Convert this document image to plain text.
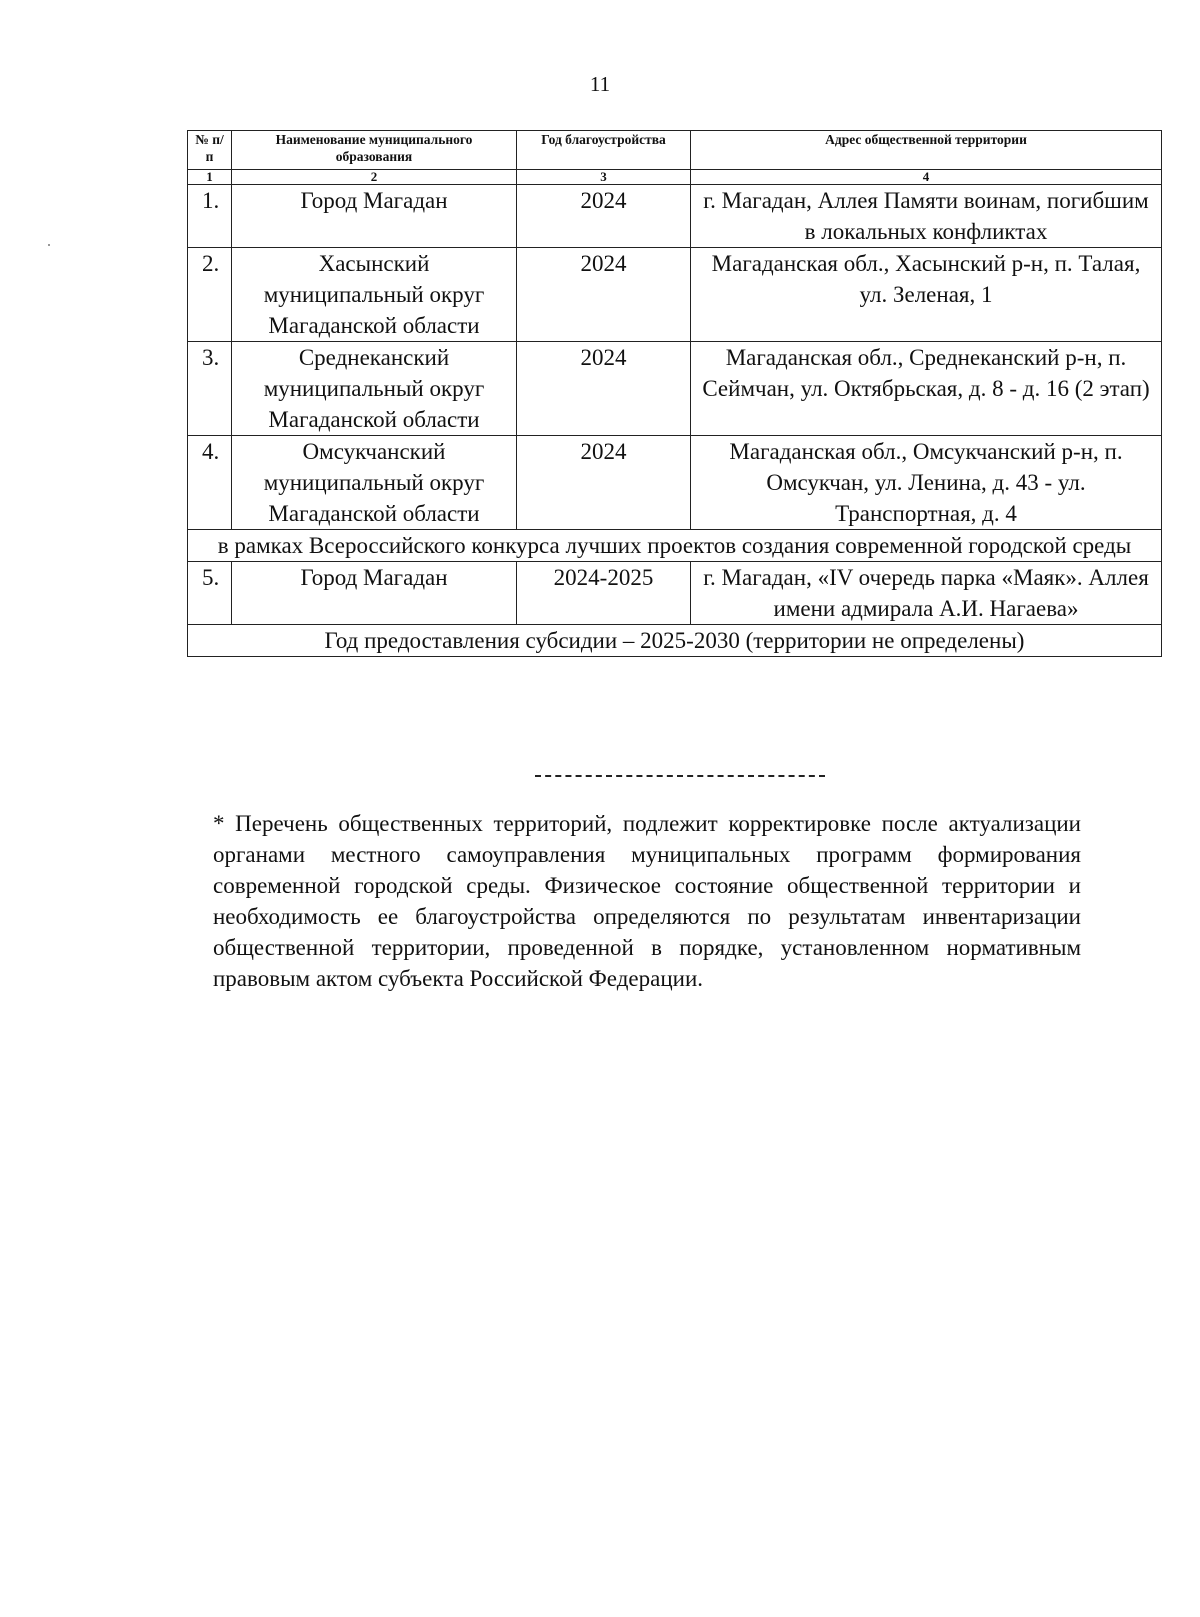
11
№ п/п	Наименование муниципального образования	Год благоустройства	Адрес общественной территории
1	2	3	4
1.	Город Магадан	2024	г. Магадан, Аллея Памяти воинам, погибшим в локальных конфликтах
2.	Хасынский муниципальный округ Магаданской области	2024	Магаданская обл., Хасынский р-н, п. Талая, ул. Зеленая, 1
3.	Среднеканский муниципальный округ Магаданской области	2024	Магаданская обл., Среднеканский р-н, п. Сеймчан, ул. Октябрьская, д. 8 - д. 16 (2 этап)
4.	Омсукчанский муниципальный округ Магаданской области	2024	Магаданская обл., Омсукчанский р-н, п. Омсукчан, ул. Ленина, д. 43 - ул. Транспортная, д. 4
в рамках Всероссийского конкурса лучших проектов создания современной городской среды			
5.	Город Магадан	2024-2025	г. Магадан, «IV очередь парка «Маяк». Аллея имени адмирала А.И. Нагаева»
Год предоставления субсидии – 2025-2030 (территории не определены)			
* Перечень общественных территорий, подлежит корректировке после актуализации органами местного самоуправления муниципальных программ формирования современной городской среды. Физическое состояние общественной территории и необходимость ее благоустройства определяются по результатам инвентаризации общественной территории, проведенной в порядке, установленном нормативным правовым актом субъекта Российской Федерации.
